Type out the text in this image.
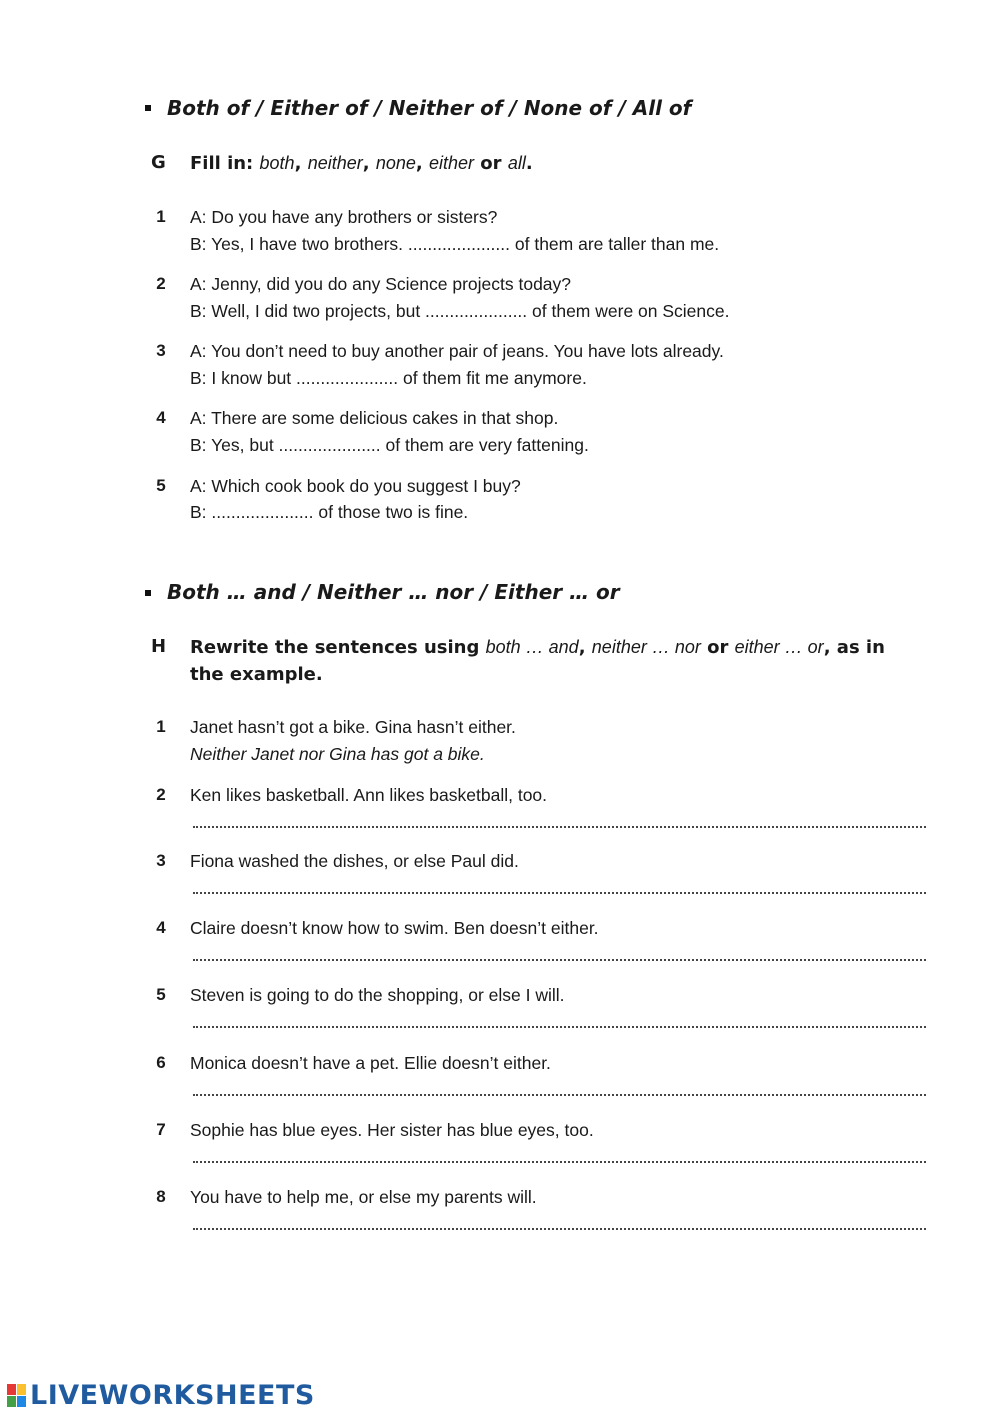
Both of / Either of / Neither of / None of / All of
G Fill in: both, neither, none, either or all.
1	A: Do you have any brothers or sisters?
B: Yes, I have two brothers. ..................... of them are taller than me.
2	A: Jenny, did you do any Science projects today?
B: Well, I did two projects, but ..................... of them were on Science.
3	A: You don’t need to buy another pair of jeans. You have lots already.
B: I know but ..................... of them fit me anymore.
4	A: There are some delicious cakes in that shop.
B: Yes, but ..................... of them are very fattening.
5	A: Which cook book do you suggest I buy?
B: ..................... of those two is fine.
Both … and / Neither … nor / Either … or
H Rewrite the sentences using both … and, neither … nor or either … or, as in
the example.
1	Janet hasn’t got a bike. Gina hasn’t either.
Neither Janet nor Gina has got a bike.
2	Ken likes basketball. Ann likes basketball, too.
3	Fiona washed the dishes, or else Paul did.
4	Claire doesn’t know how to swim. Ben doesn’t either.
5	Steven is going to do the shopping, or else I will.
6	Monica doesn’t have a pet. Ellie doesn’t either.
7	Sophie has blue eyes. Her sister has blue eyes, too.
8	You have to help me, or else my parents will.
LIVEWORKSHEETS
